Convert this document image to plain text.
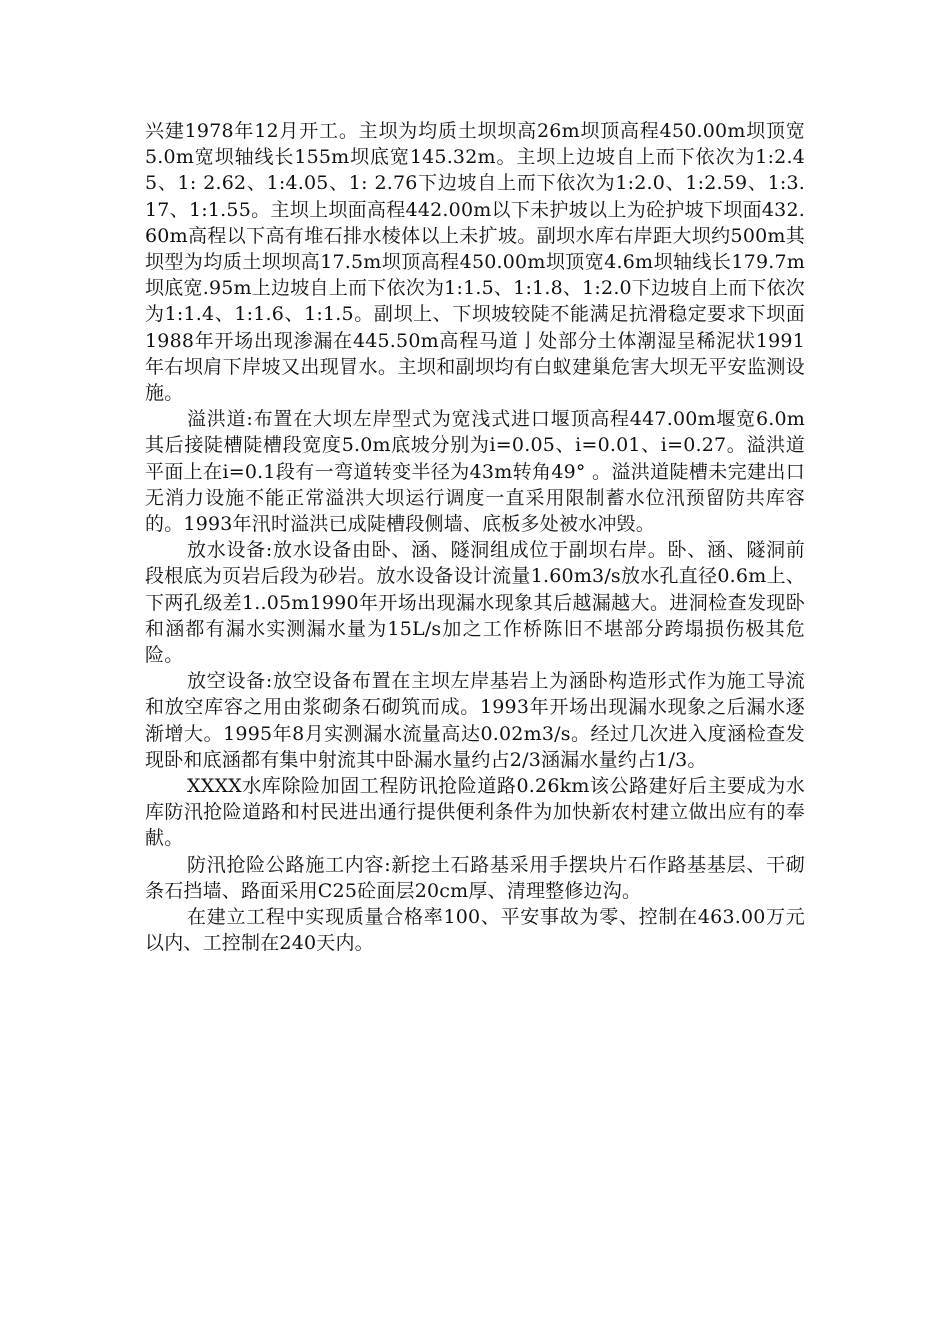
兴建1978年12月开工。主坝为均质土坝坝高26m坝顶高程450.00m坝顶宽5.0m宽坝轴线长155m坝底宽145.32m。主坝上边坡自上而下依次为1:2.45、1: 2.62、1:4.05、1: 2.76下边坡自上而下依次为1:2.0、1:2.59、1:3.17、1:1.55。主坝上坝面高程442.00m以下未护坡以上为砼护坡下坝面432.60m高程以下高有堆石排水棱体以上未扩坡。副坝水库右岸距大坝约500m其坝型为均质土坝坝高17.5m坝顶高程450.00m坝顶宽4.6m坝轴线长179.7m坝底宽.95m上边坡自上而下依次为1:1.5、1:1.8、1:2.0下边坡自上而下依次为1:1.4、1:1.6、1:1.5。副坝上、下坝坡较陡不能满足抗滑稳定要求下坝面1988年开场出现渗漏在445.50m高程马道亅处部分土体潮湿呈稀泥状1991年右坝肩下岸坡又出现冒水。主坝和副坝均有白蚁建巢危害大坝无平安监测设施。

溢洪道:布置在大坝左岸型式为宽浅式进口堰顶高程447.00m堰宽6.0m其后接陡槽陡槽段宽度5.0m底坡分别为i=0.05、i=0.01、i=0.27。溢洪道平面上在i=0.1段有一弯道转变半径为43m转角49° 。溢洪道陡槽未完建出口无消力设施不能正常溢洪大坝运行调度一直采用限制蓄水位汛预留防共库容的。1993年汛时溢洪已成陡槽段侧墙、底板多处被水冲毁。

放水设备:放水设备由卧、涵、隧洞组成位于副坝右岸。卧、涵、隧洞前段根底为页岩后段为砂岩。放水设备设计流量1.60m3/s放水孔直径0.6m上、下两孔级差1..05m1990年开场出现漏水现象其后越漏越大。进洞检查发现卧和涵都有漏水实测漏水量为15L/s加之工作桥陈旧不堪部分跨塌损伤极其危险。

放空设备:放空设备布置在主坝左岸基岩上为涵卧构造形式作为施工导流和放空库容之用由浆砌条石砌筑而成。1993年开场出现漏水现象之后漏水逐渐增大。1995年8月实测漏水流量高达0.02m3/s。经过几次进入度涵检查发现卧和底涵都有集中射流其中卧漏水量约占2/3涵漏水量约占1/3。

XXXX水库除险加固工程防讯抢险道路0.26km该公路建好后主要成为水库防汛抢险道路和村民进出通行提供便利条件为加快新农村建立做出应有的奉献。

防汛抢险公路施工内容:新挖土石路基采用手摆块片石作路基基层、干砌条石挡墙、路面采用C25砼面层20cm厚、清理整修边沟。

在建立工程中实现质量合格率100、平安事故为零、控制在463.00万元以内、工控制在240天内。
